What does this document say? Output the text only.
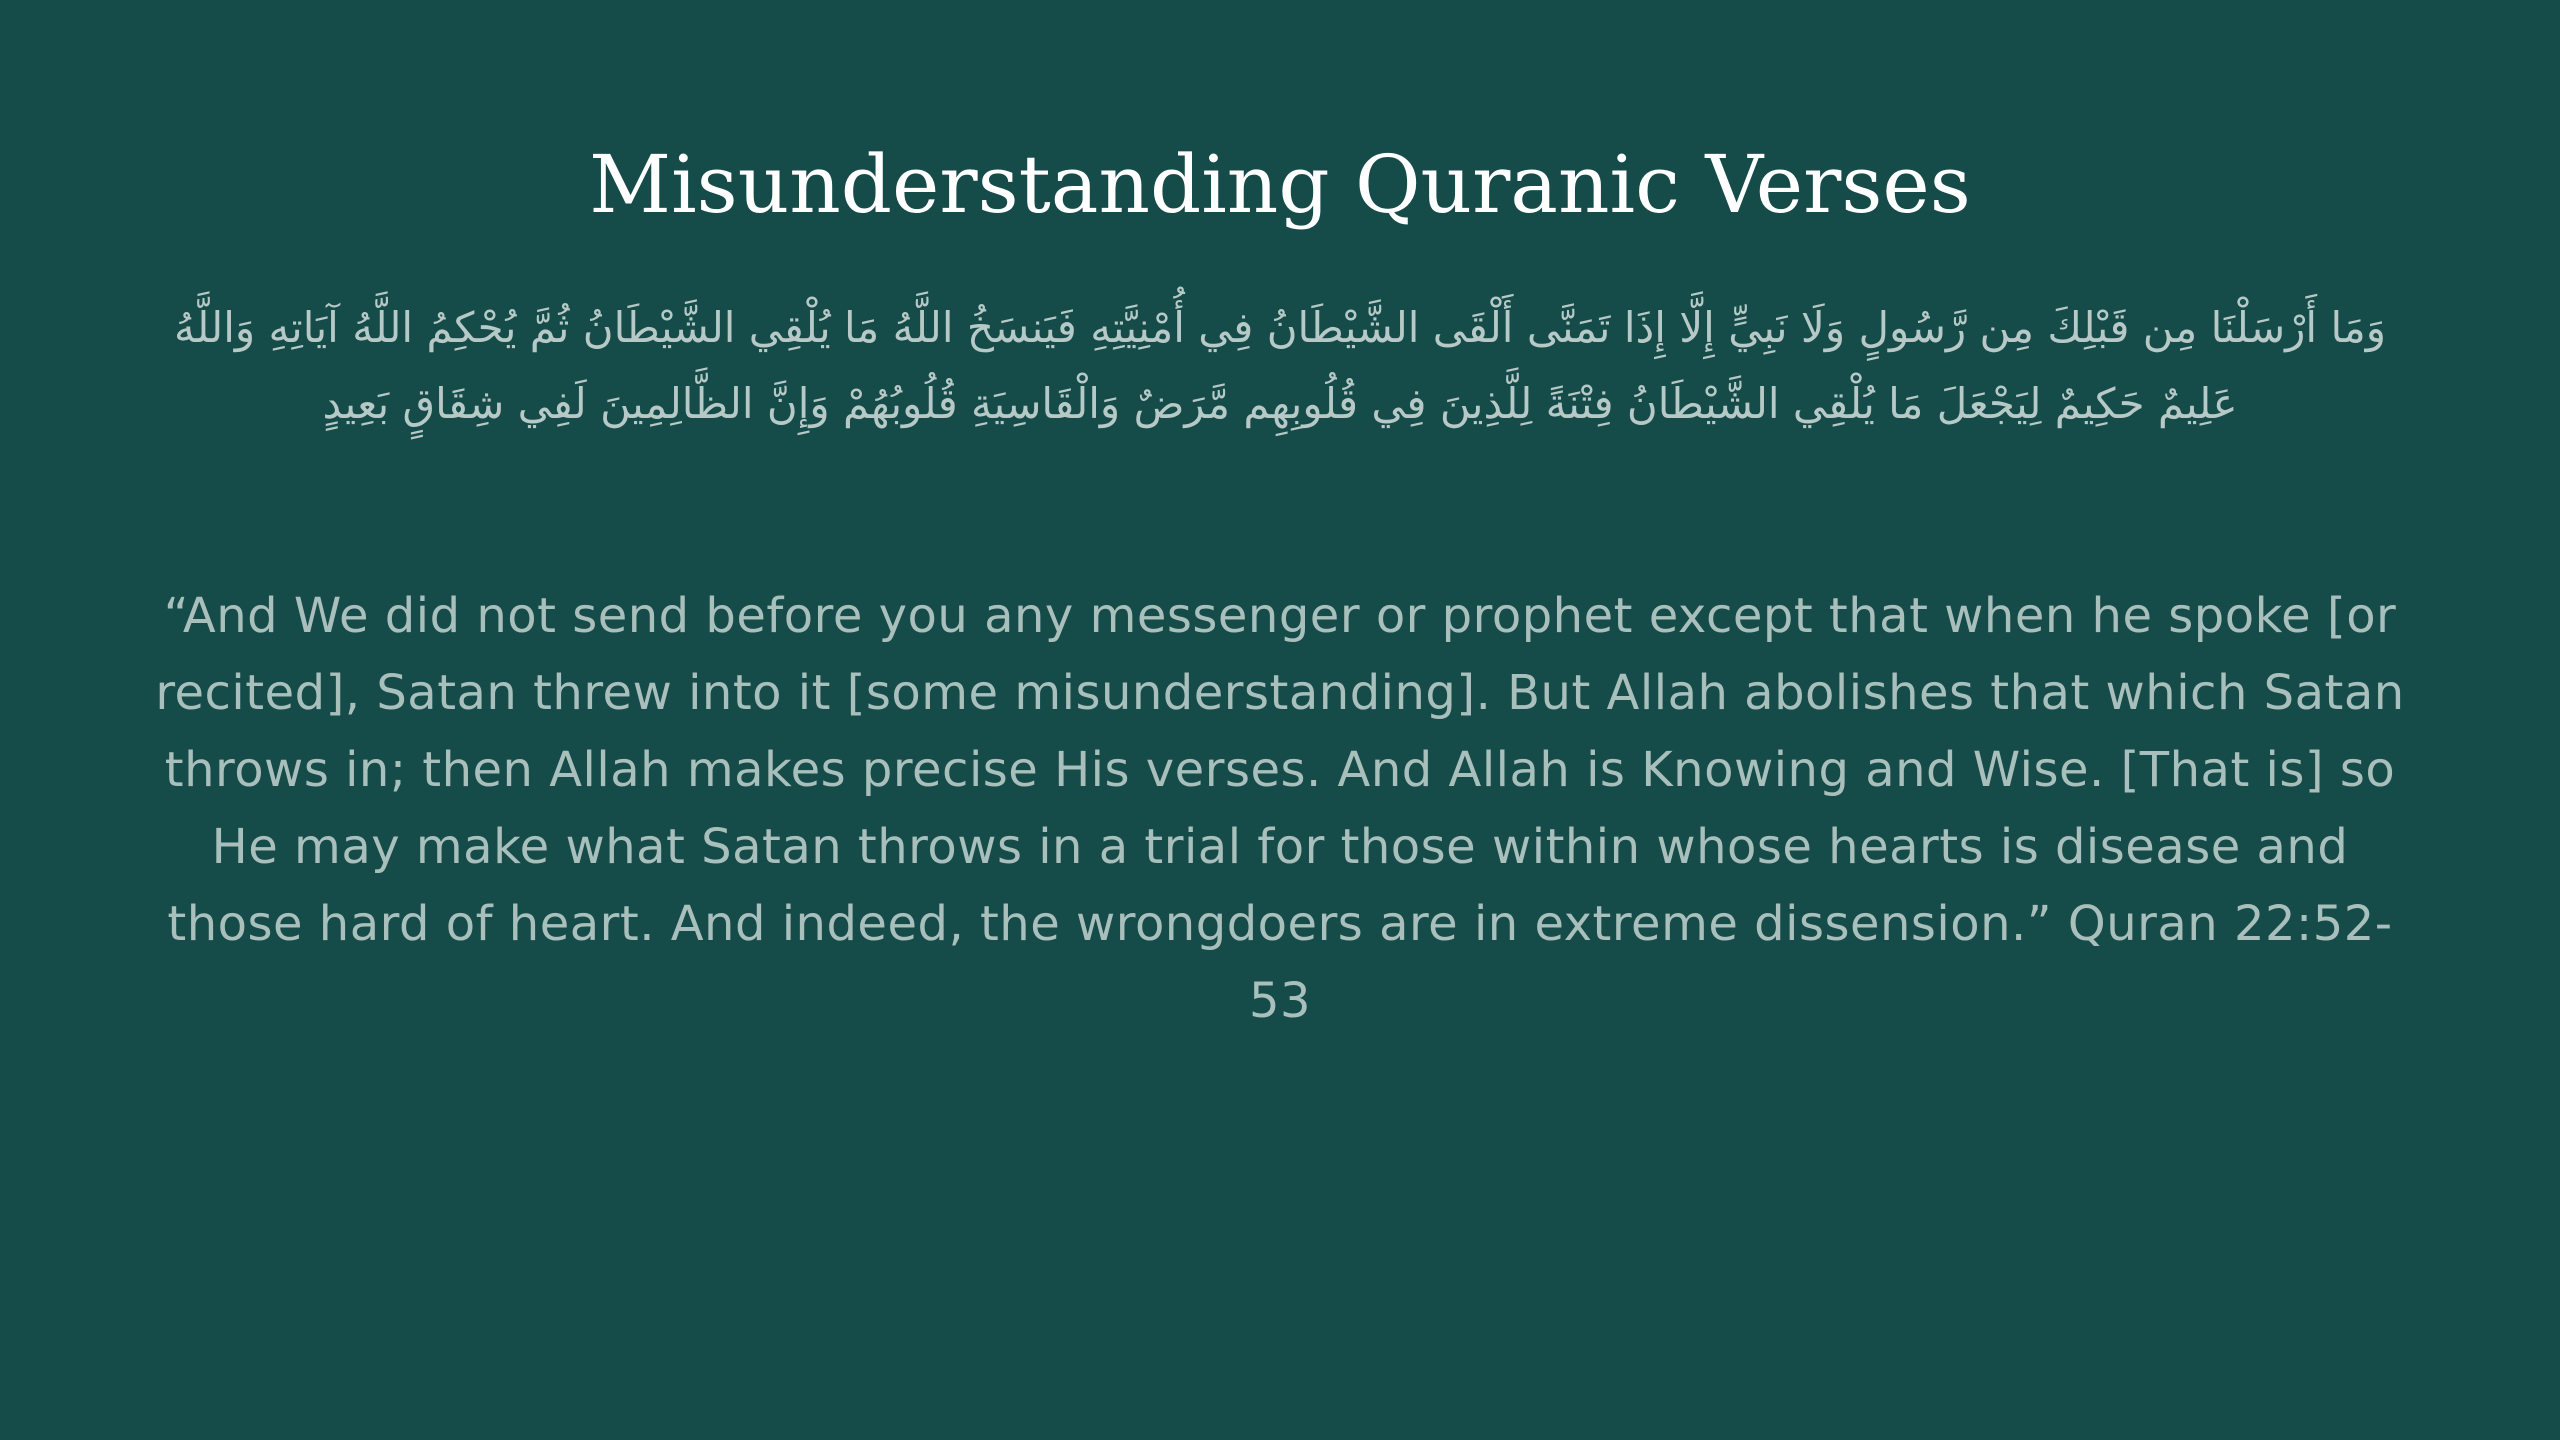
Misunderstanding Quranic Verses
وَمَا أَرْسَلْنَا مِن قَبْلِكَ مِن رَّسُولٍ وَلَا نَبِيٍّ إِلَّا إِذَا تَمَنَّى أَلْقَى الشَّيْطَانُ فِي أُمْنِيَّتِهِ فَيَنسَخُ اللَّهُ مَا يُلْقِي الشَّيْطَانُ ثُمَّ يُحْكِمُ اللَّهُ آيَاتِهِ وَاللَّهُ عَلِيمٌ حَكِيمٌ لِيَجْعَلَ مَا يُلْقِي الشَّيْطَانُ فِتْنَةً لِلَّذِينَ فِي قُلُوبِهِم مَّرَضٌ وَالْقَاسِيَةِ قُلُوبُهُمْ وَإِنَّ الظَّالِمِينَ لَفِي شِقَاقٍ بَعِيدٍ
“And We did not send before you any messenger or prophet except that when he spoke [or recited], Satan threw into it [some misunderstanding]. But Allah abolishes that which Satan throws in; then Allah makes precise His verses. And Allah is Knowing and Wise. [That is] so He may make what Satan throws in a trial for those within whose hearts is disease and those hard of heart. And indeed, the wrongdoers are in extreme dissension.” Quran 22:52-53
